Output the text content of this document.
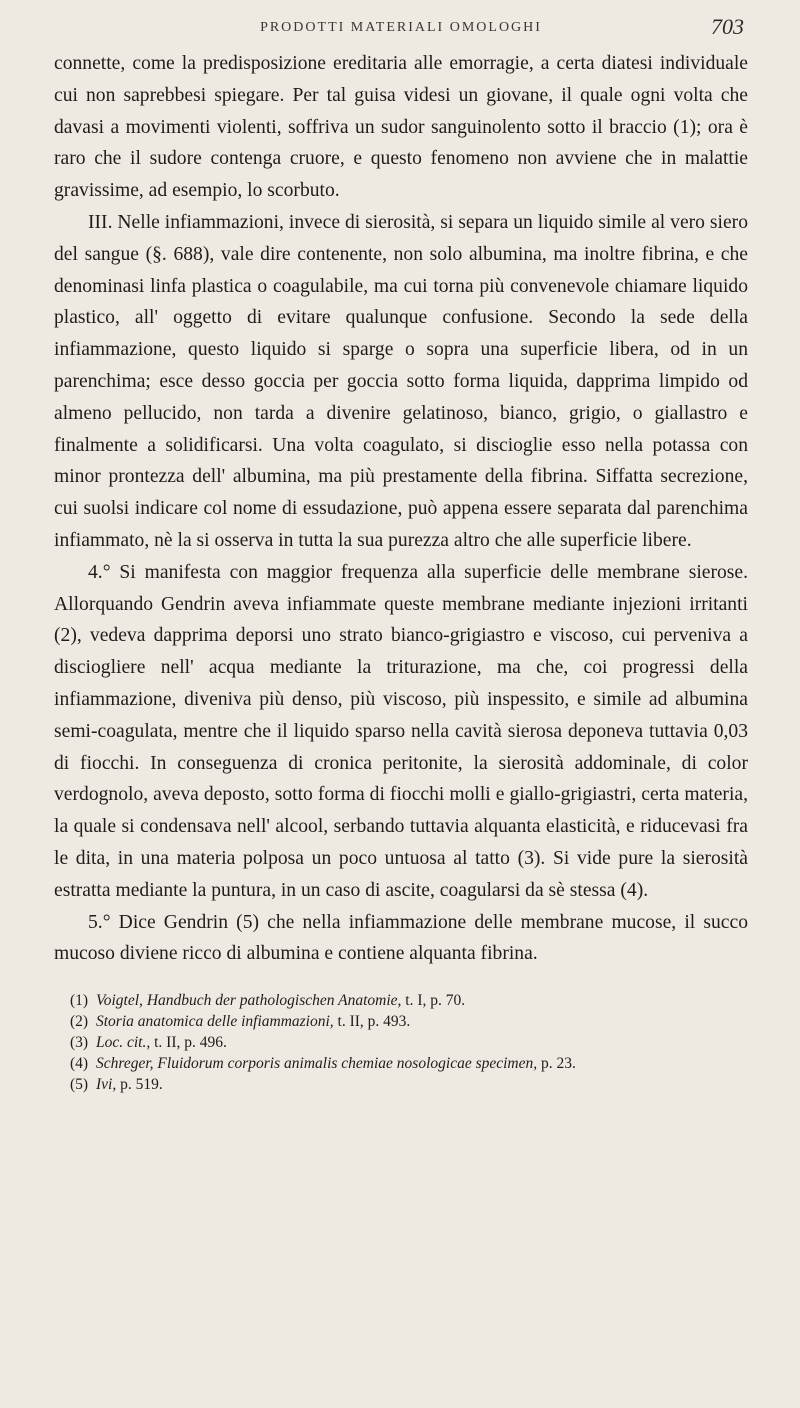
PRODOTTI MATERIALI OMOLOGHI	703

connette, come la predisposizione ereditaria alle emorragie, a certa diatesi individuale cui non saprebbesi spiegare. Per tal guisa videsi un giovane, il quale ogni volta che davasi a movimenti violenti, soffriva un sudor sanguinolento sotto il braccio (1); ora è raro che il sudore contenga cruore, e questo fenomeno non avviene che in malattie gravissime, ad esempio, lo scorbuto.

III. Nelle infiammazioni, invece di sierosità, si separa un liquido simile al vero siero del sangue (§. 688), vale dire contenente, non solo albumina, ma inoltre fibrina, e che denominasi linfa plastica o coagulabile, ma cui torna più convenevole chiamare liquido plastico, all' oggetto di evitare qualunque confusione. Secondo la sede della infiammazione, questo liquido si sparge o sopra una superficie libera, od in un parenchima; esce desso goccia per goccia sotto forma liquida, dapprima limpido od almeno pellucido, non tarda a divenire gelatinoso, bianco, grigio, o giallastro e finalmente a solidificarsi. Una volta coagulato, si discioglie esso nella potassa con minor prontezza dell' albumina, ma più prestamente della fibrina. Siffatta secrezione, cui suolsi indicare col nome di essudazione, può appena essere separata dal parenchima infiammato, nè la si osserva in tutta la sua purezza altro che alle superficie libere.

4.° Si manifesta con maggior frequenza alla superficie delle membrane sierose. Allorquando Gendrin aveva infiammate queste membrane mediante injezioni irritanti (2), vedeva dapprima deporsi uno strato bianco-grigiastro e viscoso, cui perveniva a disciogliere nell' acqua mediante la triturazione, ma che, coi progressi della infiammazione, diveniva più denso, più viscoso, più inspessito, e simile ad albumina semi-coagulata, mentre che il liquido sparso nella cavità sierosa deponeva tuttavia 0,03 di fiocchi. In conseguenza di cronica peritonite, la sierosità addominale, di color verdognolo, aveva deposto, sotto forma di fiocchi molli e giallo-grigiastri, certa materia, la quale si condensava nell' alcool, serbando tuttavia alquanta elasticità, e riducevasi fra le dita, in una materia polposa un poco untuosa al tatto (3). Si vide pure la sierosità estratta mediante la puntura, in un caso di ascite, coagularsi da sè stessa (4).

5.° Dice Gendrin (5) che nella infiammazione delle membrane mucose, il succo mucoso diviene ricco di albumina e contiene alquanta fibrina.

(1) Voigtel, Handbuch der pathologischen Anatomie, t. I, p. 70.

(2) Storia anatomica delle infiammazioni, t. II, p. 493.

(3) Loc. cit., t. II, p. 496.

(4) Schreger, Fluidorum corporis animalis chemiae nosologicae specimen, p. 23.

(5) Ivi, p. 519.
